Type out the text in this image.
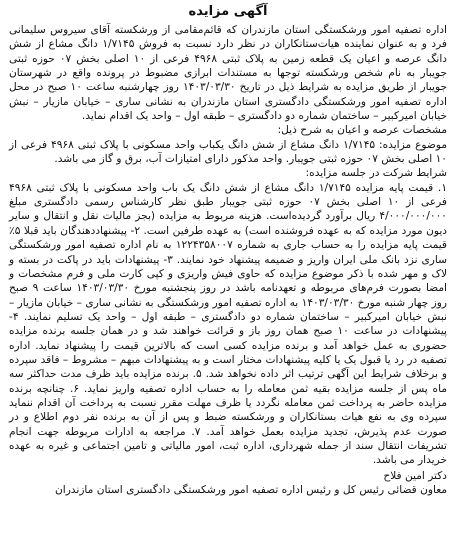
آگهی مزایده

اداره تصفیه امور ورشکستگی استان مازندران که قائم‌مقامی از ورشکسته آقای سیروس سلیمانی فرد و به عنوان نماینده هیات‌ستانکاران در نظر دارد نسبت به فروش ۱/۷۱۴۵ دانگ مشاع از شش دانگ عرصه و اعیان یک قطعه زمین به پلاک ثبتی ۴۹۶۸ فرعی از ۱۰ اصلی بخش ۰۷ حوزه ثبتی جویبار به نام شخص ورشکسته توجها به مستندات ابرازی مضبوط در پرونده واقع در شهرستان جویبار از طریق مزایده به شرایط ذیل در تاریخ ۱۴۰۳/۰۳/۳۰ روز چهارشنبه ساعت ۱۰ صبح در محل اداره تصفیه امور ورشکستگی دادگستری استان مازندران به نشانی ساری – خیابان مازیار – نبش خیابان امیرکبیر – ساختمان شماره دو دادگستری – طبقه اول – واحد یک اقدام نماید.

مشخصات عرصه و اعیان به شرح ذیل:

موضوع مزایده: ۱/۷۱۴۵ دانگ مشاع از شش دانگ یکباب واحد مسکونی با پلاک ثبتی ۴۹۶۸ فرعی از ۱۰ اصلی بخش ۰۷ حوزه ثبتی جویبار. واحد مذکور دارای امتیازات آب، برق و گاز می باشد.

شرایط شرکت در جلسه مزایده:

۱. قیمت پایه مزایده ۱/۷۱۴۵ دانگ مشاع از شش دانگ یک باب واحد مسکونی با پلاک ثبتی ۴۹۶۸ فرعی از ۱۰ اصلی بخش ۰۷ حوزه ثبتی جویبار طبق نظر کارشناس رسمی دادگستری مبلغ ۴/۰۰۰/۰۰۰/۰۰۰ ریال برآورد گردیده‌است. هزینه مربوط به مزایده (بجز مالیات نقل و انتقال و سایر دیون مورد مزایده که به عهده فروشنده است) به عهده طرفین است. ۲- پیشنهاددهندگان باید قبلا ۵٪ قیمت پایه مزایده را به حساب جاری به شماره ۱۲۲۴۳۵۸۰۰۷ به نام اداره تصفیه امور ورشکستگی ساری نزد بانک ملی ایران واریز و ضمیمه پیشنهاد خود نمایند. ۳- پیشنهادات باید در پاکت در بسته و لاک و مهر شده با ذکر موضوع مزایده که حاوی فیش واریزی و کپی کارت ملی و فرم مشخصات و امضا بصورت فرم‌های مربوطه و تعهدنامه باشد در روز پنجشنبه مورخ ۱۴۰۳/۰۳/۳۰ ساعت ۹ صبح روز چهار شنبه مورخ ۱۴۰۳/۰۳/۳۰ به اداره تصفیه امور ورشکستگی به نشانی ساری – خیابان مازیار – نبش خیابان امیرکبیر – ساختمان شماره دو دادگستری – طبقه اول – واحد یک تسلیم نمایند. ۴- پیشنهادات در ساعت ۱۰ صبح همان روز باز و قرائت خواهند شد و در همان جلسه برنده مزایده حضوری به عمل خواهد آمد و برنده مزایده کسی است که بالاترین قیمت را پیشنهاد نماید. اداره تصفیه در رد یا قبول یک یا کلیه پیشنهادات مختار است و به پیشنهادات مبهم – مشروط – فاقد سپرده و برخلاف شرایط این آگهی ترتیب اثر داده نخواهد شد. ۵. برنده مزایده باید ظرف مدت حداکثر سه ماه پس از جلسه مزایده بقیه ثمن معامله را به حساب اداره تصفیه واریز نماید. ۶. چنانچه برنده مزایده حاضر به پرداخت ثمن معامله نگردد یا ظرف مهلت مقرر نسبت به پرداخت آن اقدام ننماید سپرده وی به نفع هیات بستانکاران و ورشکسته ضبط و پس از آن به برنده نفر دوم اطلاع و در صورت عدم پذیرش، تجدید مزایده بعمل خواهد آمد. ۷. مراجعه به ادارات مربوطه جهت انجام تشریفات انتقال سند از جمله شهرداری، اداره ثبت، امور مالیاتی و تامین اجتماعی و غیره به عهده خریدار می باشد.

دکتر امین فلاح
معاون قضائی رئیس کل و رئیس اداره تصفیه امور ورشکستگی دادگستری استان مازندران
